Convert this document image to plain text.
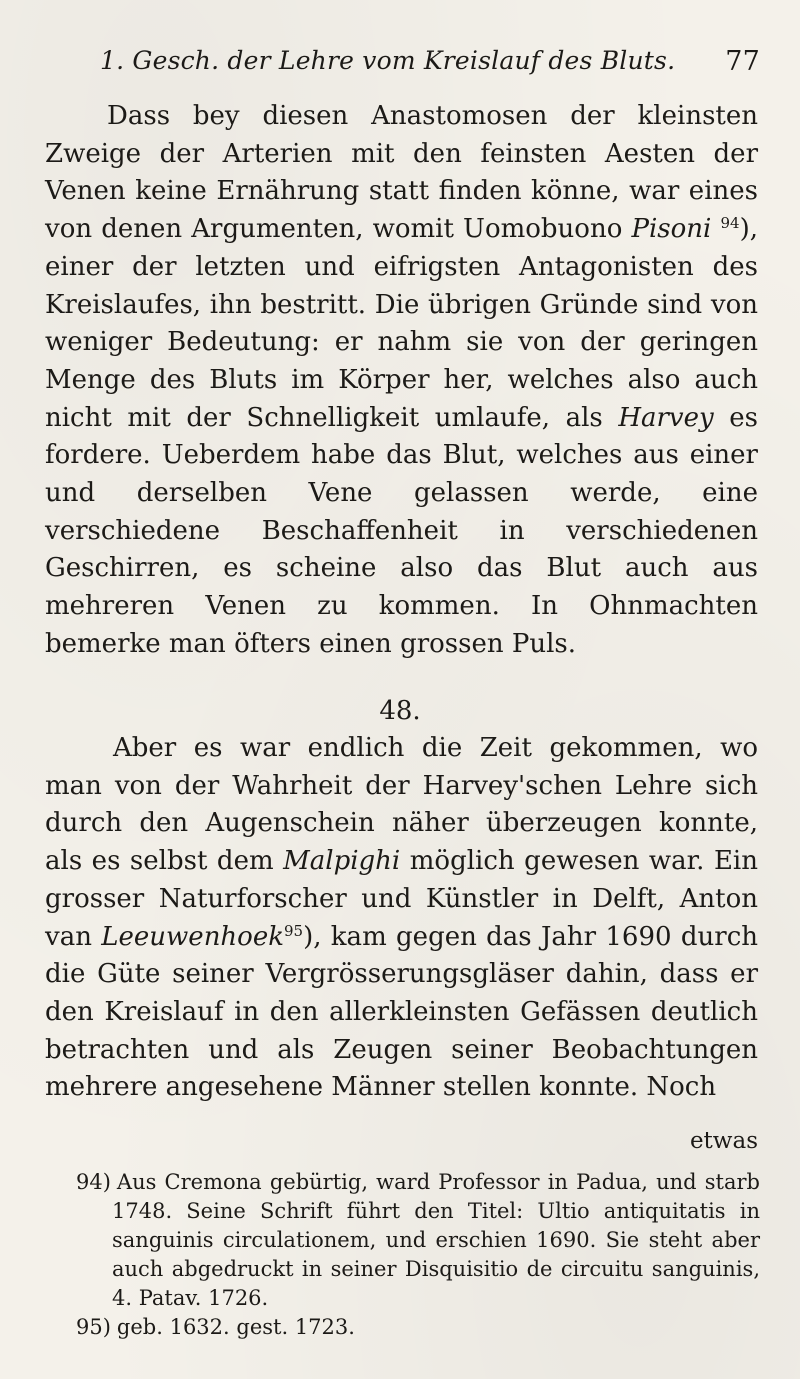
1. Gesch. der Lehre vom Kreislauf des Bluts. 77

Dass bey diesen Anastomosen der kleinsten Zweige der Arterien mit den feinsten Aesten der Venen keine Ernährung statt finden könne, war eines von denen Argumenten, womit Uomobuono Pisoni $^{94}$), einer der letzten und eifrigsten Antagonisten des Kreislaufes, ihn bestritt. Die übrigen Gründe sind von weniger Bedeutung: er nahm sie von der geringen Menge des Bluts im Körper her, welches also auch nicht mit der Schnelligkeit umlaufe, als Harvey es fordere. Ueberdem habe das Blut, welches aus einer und derselben Vene gelassen werde, eine verschiedene Beschaffenheit in verschiedenen Geschirren, es scheine also das Blut auch aus mehreren Venen zu kommen. In Ohnmachten bemerke man öfters einen grossen Puls.

48.

Aber es war endlich die Zeit gekommen, wo man von der Wahrheit der Harvey'schen Lehre sich durch den Augenschein näher überzeugen konnte, als es selbst dem Malpighi möglich gewesen war. Ein grosser Naturforscher und Künstler in Delft, Anton van Leeuwenhoek$^{95}$), kam gegen das Jahr 1690 durch die Güte seiner Vergrösserungsgläser dahin, dass er den Kreislauf in den allerkleinsten Gefässen deutlich betrachten und als Zeugen seiner Beobachtungen mehrere angesehene Männer stellen konnte. Noch

etwas

94) Aus Cremona gebürtig, ward Professor in Padua, und starb 1748. Seine Schrift führt den Titel: Ultio antiquitatis in sanguinis circulationem, und erschien 1690. Sie steht aber auch abgedruckt in seiner Disquisitio de circuitu sanguinis, 4. Patav. 1726.

95) geb. 1632. gest. 1723.
